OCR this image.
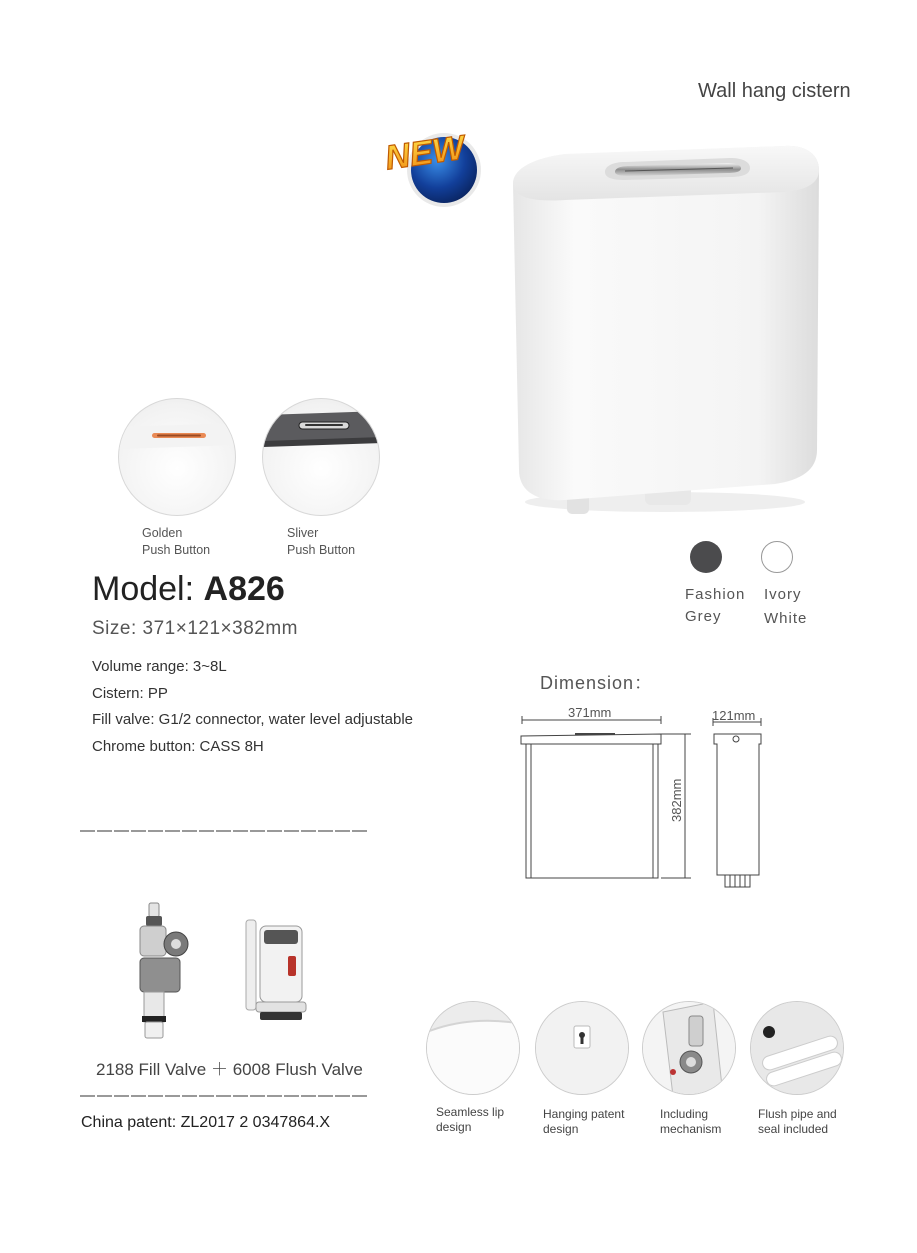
Wall hang cistern
NEW
Golden
Push Button
Sliver
Push Button
Fashion
Grey
Ivory
White
Model: A826
Size: 371×121×382mm
Volume range: 3~8L
Cistern: PP
Fill valve: G1/2 connector, water level adjustable
Chrome button: CASS 8H
—————————————————
Dimension：
371mm	121mm
382mm
2188 Fill Valve ＋ 6008 Flush Valve
—————————————————
China patent: ZL2017 2 0347864.X
Seamless lip
design
Hanging patent
design
Including
mechanism
Flush pipe and
seal included
